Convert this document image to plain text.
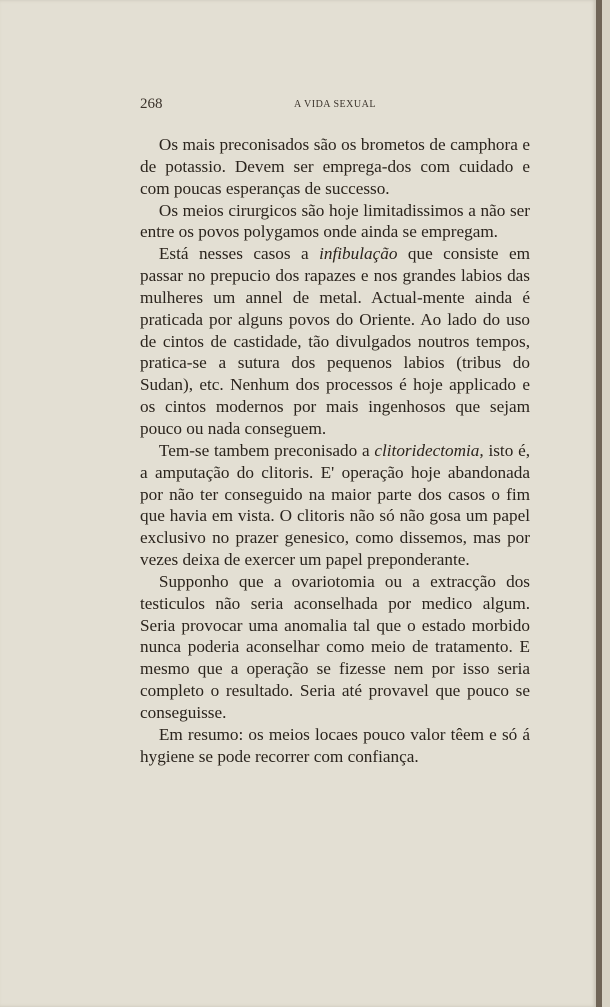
268	A VIDA SEXUAL

Os mais preconisados são os brometos de camphora e de potassio. Devem ser emprega-dos com cuidado e com poucas esperanças de successo.

Os meios cirurgicos são hoje limitadissimos a não ser entre os povos polygamos onde ainda se empregam.

Está nesses casos a infibulação que consiste em passar no prepucio dos rapazes e nos grandes labios das mulheres um annel de metal. Actual-mente ainda é praticada por alguns povos do Oriente. Ao lado do uso de cintos de castidade, tão divulgados noutros tempos, pratica-se a sutura dos pequenos labios (tribus do Sudan), etc. Nenhum dos processos é hoje applicado e os cintos modernos por mais ingenhosos que sejam pouco ou nada conseguem.

Tem-se tambem preconisado a clitoridectomia, isto é, a amputação do clitoris. E' operação hoje abandonada por não ter conseguido na maior parte dos casos o fim que havia em vista. O clitoris não só não gosa um papel exclusivo no prazer genesico, como dissemos, mas por vezes deixa de exercer um papel preponderante.

Supponho que a ovariotomia ou a extracção dos testiculos não seria aconselhada por medico algum. Seria provocar uma anomalia tal que o estado morbido nunca poderia aconselhar como meio de tratamento. E mesmo que a operação se fizesse nem por isso seria completo o resultado. Seria até provavel que pouco se conseguisse.

Em resumo: os meios locaes pouco valor têem e só á hygiene se pode recorrer com confiança.
